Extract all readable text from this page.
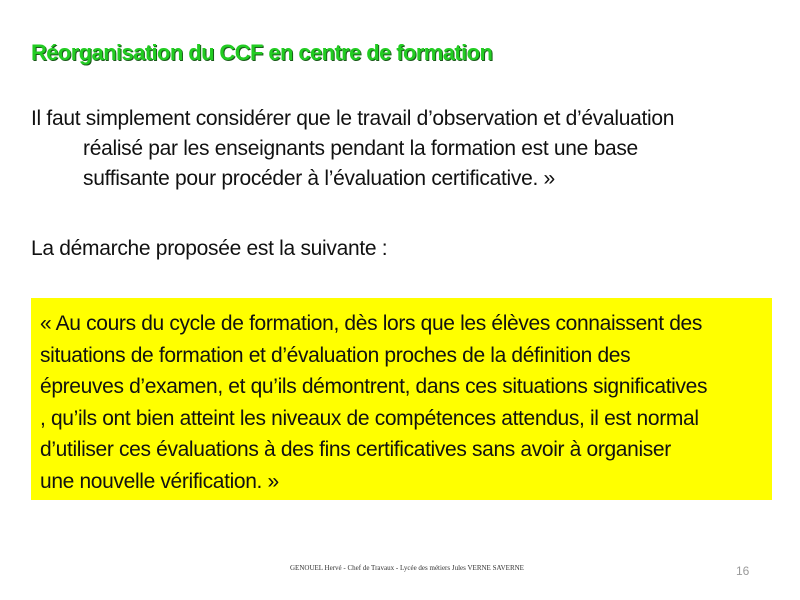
Réorganisation du CCF en centre de formation
Il faut simplement considérer que le travail d’observation et d’évaluation
réalisé par les enseignants pendant la formation est une base
suffisante pour procéder à l’évaluation certificative. »
La démarche proposée est la suivante :
« Au cours du cycle de formation, dès lors que les élèves connaissent des
situations de formation et d’évaluation proches de la définition des
épreuves d’examen, et qu’ils démontrent, dans ces situations significatives
, qu’ils ont bien atteint les niveaux de compétences attendus, il est normal
d’utiliser ces évaluations à des fins certificatives sans avoir à organiser
une nouvelle vérification. »
GENOUEL Hervé - Chef de Travaux - Lycée des métiers Jules VERNE SAVERNE	16
